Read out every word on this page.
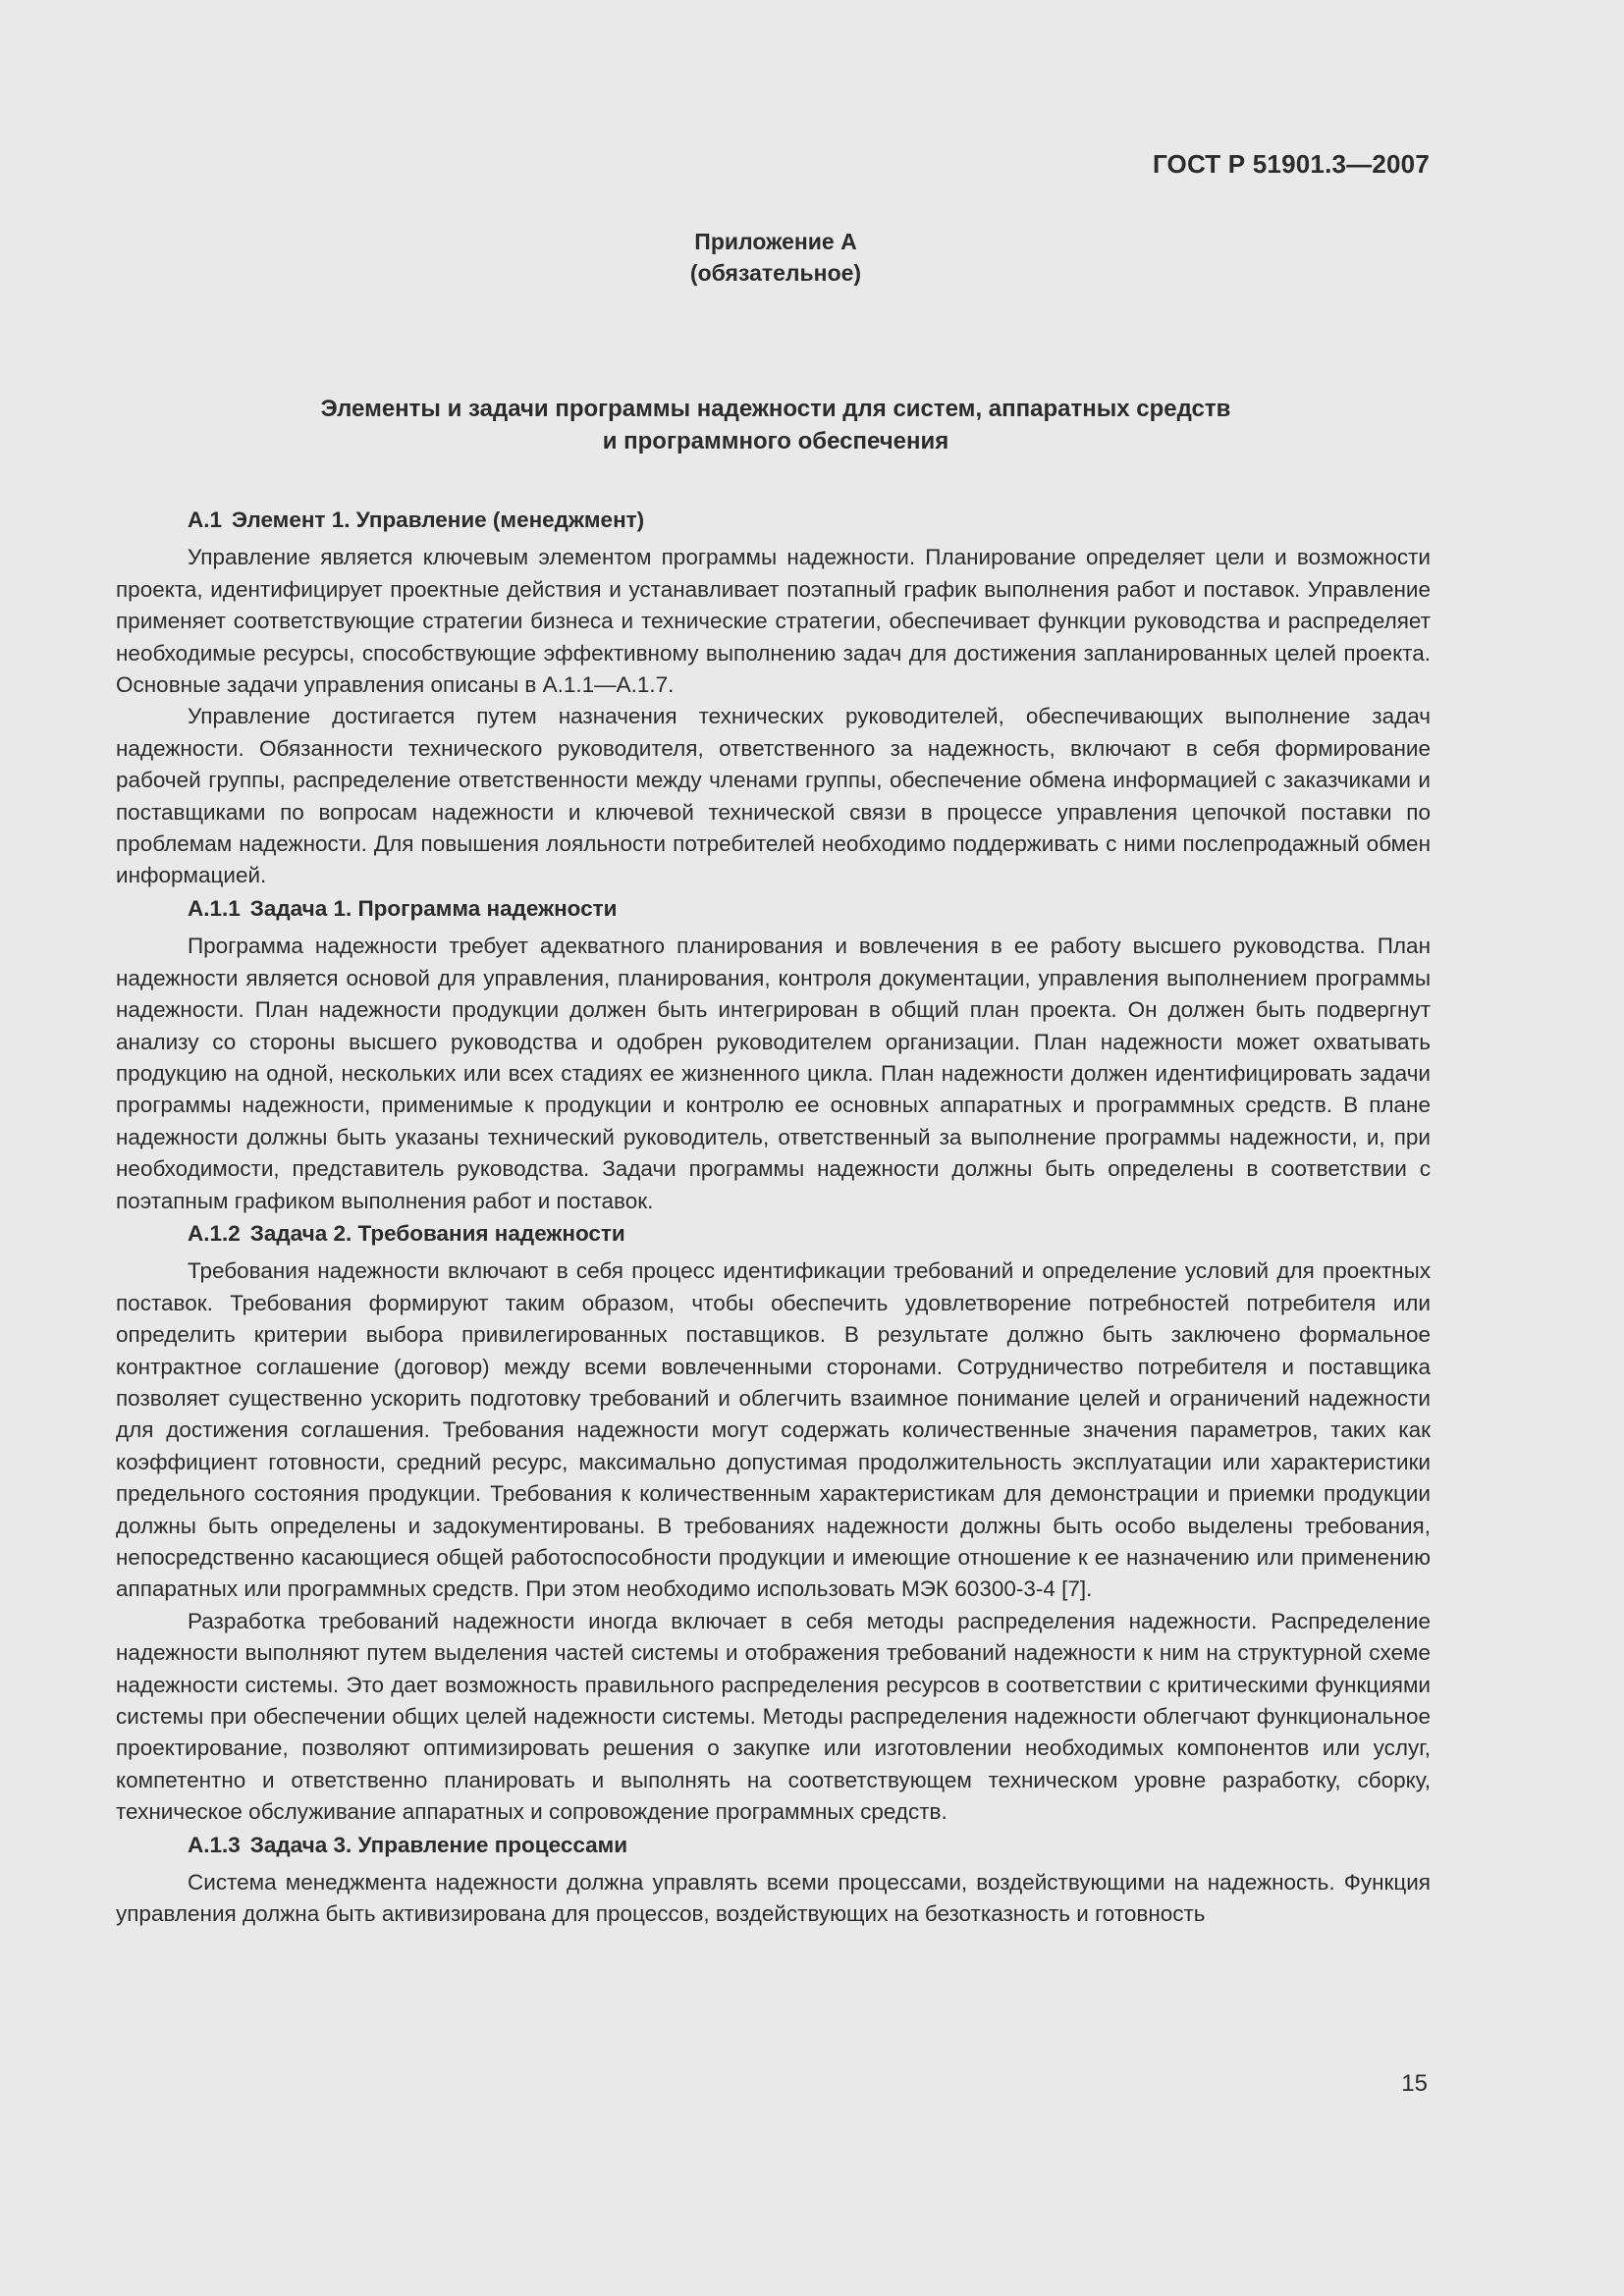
ГОСТ Р 51901.3—2007
Приложение А
(обязательное)
Элементы и задачи программы надежности для систем, аппаратных средств
и программного обеспечения
А.1 Элемент 1. Управление (менеджмент)

Управление является ключевым элементом программы надежности. Планирование определяет цели и возможности проекта, идентифицирует проектные действия и устанавливает поэтапный график выполнения работ и поставок. Управление применяет соответствующие стратегии бизнеса и технические стратегии, обеспечивает функции руководства и распределяет необходимые ресурсы, способствующие эффективному выполнению задач для достижения запланированных целей проекта. Основные задачи управления описаны в А.1.1—А.1.7.

Управление достигается путем назначения технических руководителей, обеспечивающих выполнение задач надежности. Обязанности технического руководителя, ответственного за надежность, включают в себя формирование рабочей группы, распределение ответственности между членами группы, обеспечение обмена информацией с заказчиками и поставщиками по вопросам надежности и ключевой технической связи в процессе управления цепочкой поставки по проблемам надежности. Для повышения лояльности потребителей необходимо поддерживать с ними послепродажный обмен информацией.

А.1.1 Задача 1. Программа надежности

Программа надежности требует адекватного планирования и вовлечения в ее работу высшего руководства. План надежности является основой для управления, планирования, контроля документации, управления выполнением программы надежности. План надежности продукции должен быть интегрирован в общий план проекта. Он должен быть подвергнут анализу со стороны высшего руководства и одобрен руководителем организации. План надежности может охватывать продукцию на одной, нескольких или всех стадиях ее жизненного цикла. План надежности должен идентифицировать задачи программы надежности, применимые к продукции и контролю ее основных аппаратных и программных средств. В плане надежности должны быть указаны технический руководитель, ответственный за выполнение программы надежности, и, при необходимости, представитель руководства. Задачи программы надежности должны быть определены в соответствии с поэтапным графиком выполнения работ и поставок.

А.1.2 Задача 2. Требования надежности

Требования надежности включают в себя процесс идентификации требований и определение условий для проектных поставок. Требования формируют таким образом, чтобы обеспечить удовлетворение потребностей потребителя или определить критерии выбора привилегированных поставщиков. В результате должно быть заключено формальное контрактное соглашение (договор) между всеми вовлеченными сторонами. Сотрудничество потребителя и поставщика позволяет существенно ускорить подготовку требований и облегчить взаимное понимание целей и ограничений надежности для достижения соглашения. Требования надежности могут содержать количественные значения параметров, таких как коэффициент готовности, средний ресурс, максимально допустимая продолжительность эксплуатации или характеристики предельного состояния продукции. Требования к количественным характеристикам для демонстрации и приемки продукции должны быть определены и задокументированы. В требованиях надежности должны быть особо выделены требования, непосредственно касающиеся общей работоспособности продукции и имеющие отношение к ее назначению или применению аппаратных или программных средств. При этом необходимо использовать МЭК 60300-3-4 [7].

Разработка требований надежности иногда включает в себя методы распределения надежности. Распределение надежности выполняют путем выделения частей системы и отображения требований надежности к ним на структурной схеме надежности системы. Это дает возможность правильного распределения ресурсов в соответствии с критическими функциями системы при обеспечении общих целей надежности системы. Методы распределения надежности облегчают функциональное проектирование, позволяют оптимизировать решения о закупке или изготовлении необходимых компонентов или услуг, компетентно и ответственно планировать и выполнять на соответствующем техническом уровне разработку, сборку, техническое обслуживание аппаратных и сопровождение программных средств.

А.1.3 Задача 3. Управление процессами

Система менеджмента надежности должна управлять всеми процессами, воздействующими на надежность. Функция управления должна быть активизирована для процессов, воздействующих на безотказность и готовность

15
